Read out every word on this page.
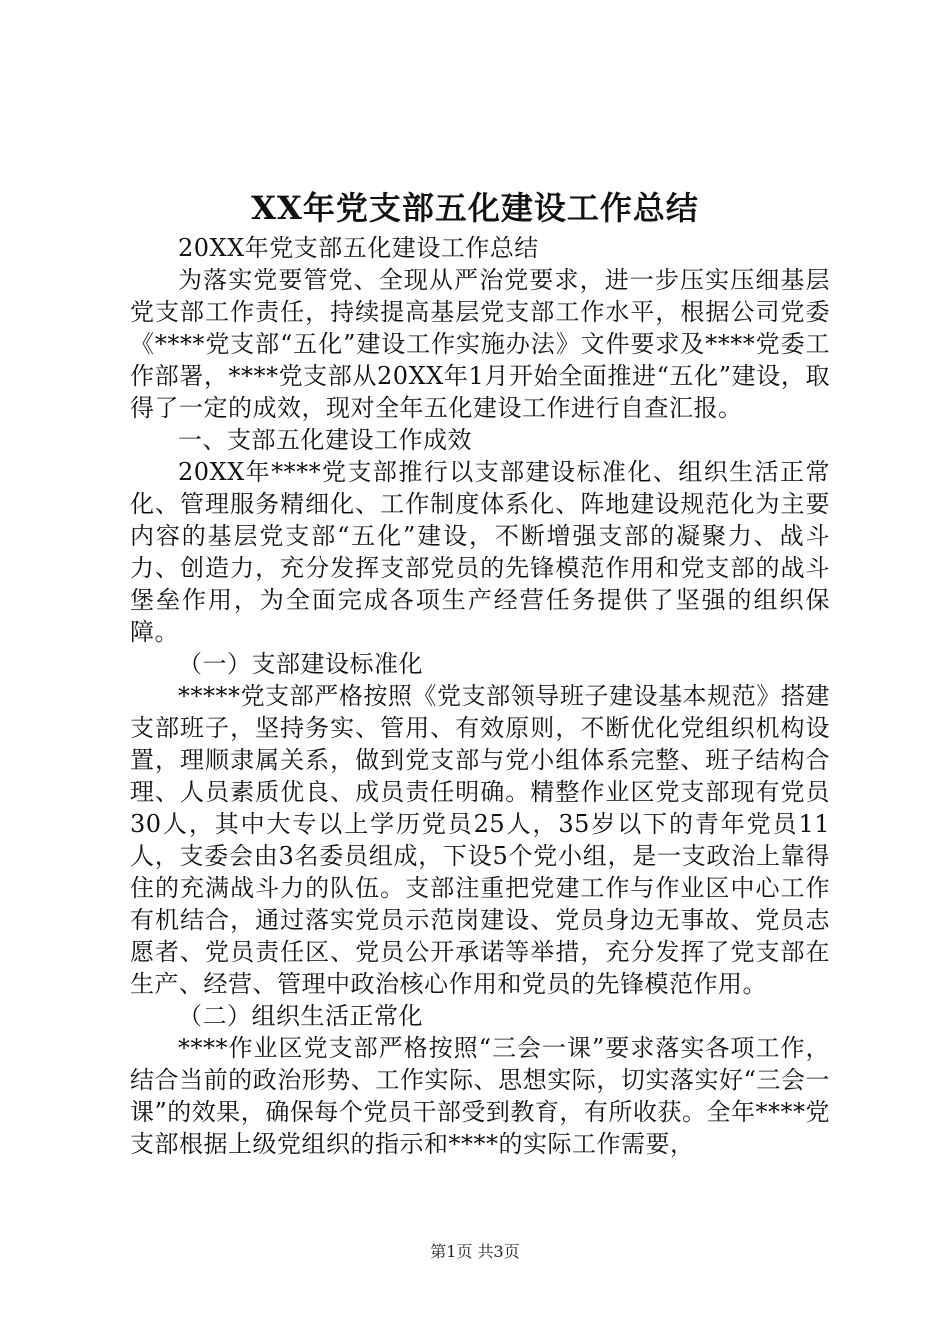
XX年党支部五化建设工作总结

20XX年党支部五化建设工作总结

为落实党要管党、全现从严治党要求，进一步压实压细基层党支部工作责任，持续提高基层党支部工作水平，根据公司党委《****党支部“五化”建设工作实施办法》文件要求及****党委工作部署，****党支部从20XX年1月开始全面推进“五化”建设，取得了一定的成效，现对全年五化建设工作进行自查汇报。

一、支部五化建设工作成效

20XX年****党支部推行以支部建设标准化、组织生活正常化、管理服务精细化、工作制度体系化、阵地建设规范化为主要内容的基层党支部“五化”建设，不断增强支部的凝聚力、战斗力、创造力，充分发挥支部党员的先锋模范作用和党支部的战斗堡垒作用，为全面完成各项生产经营任务提供了坚强的组织保障。

（一）支部建设标准化

*****党支部严格按照《党支部领导班子建设基本规范》搭建支部班子，坚持务实、管用、有效原则，不断优化党组织机构设置，理顺隶属关系，做到党支部与党小组体系完整、班子结构合理、人员素质优良、成员责任明确。精整作业区党支部现有党员30人，其中大专以上学历党员25人，35岁以下的青年党员11人，支委会由3名委员组成，下设5个党小组，是一支政治上靠得住的充满战斗力的队伍。支部注重把党建工作与作业区中心工作有机结合，通过落实党员示范岗建设、党员身边无事故、党员志愿者、党员责任区、党员公开承诺等举措，充分发挥了党支部在生产、经营、管理中政治核心作用和党员的先锋模范作用。

（二）组织生活正常化

****作业区党支部严格按照“三会一课”要求落实各项工作，结合当前的政治形势、工作实际、思想实际，切实落实好“三会一课”的效果，确保每个党员干部受到教育，有所收获。全年****党支部根据上级党组织的指示和****的实际工作需要，

第1页 共3页
